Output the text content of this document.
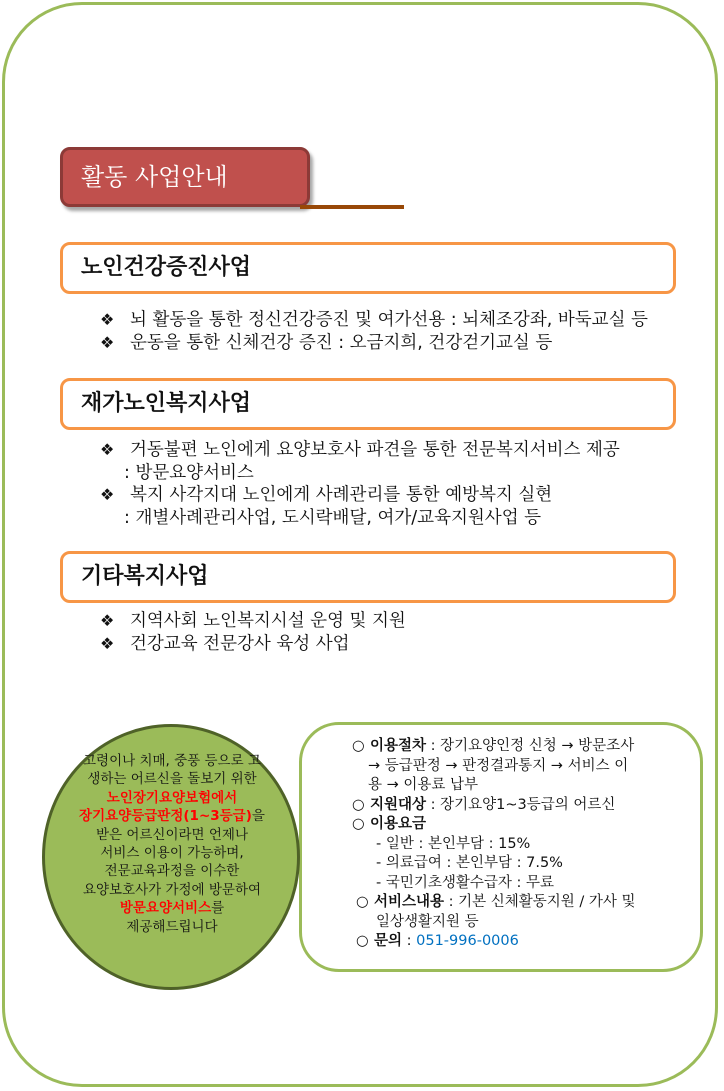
활동 사업안내
노인건강증진사업
❖ 뇌 활동을 통한 정신건강증진 및 여가선용 : 뇌체조강좌, 바둑교실 등
❖ 운동을 통한 신체건강 증진 : 오금지희, 건강걷기교실 등
재가노인복지사업
❖ 거동불편 노인에게 요양보호사 파견을 통한 전문복지서비스 제공
: 방문요양서비스
❖ 복지 사각지대 노인에게 사례관리를 통한 예방복지 실현
: 개별사례관리사업, 도시락배달, 여가/교육지원사업 등
기타복지사업
❖ 지역사회 노인복지시설 운영 및 지원
❖ 건강교육 전문강사 육성 사업
○ 이용절차 : 장기요양인정 신청 → 방문조사
→ 등급판정 → 판정결과통지 → 서비스 이
용 → 이용료 납부
○ 지원대상 : 장기요양1~3등급의 어르신
○ 이용요금
- 일반 : 본인부담 : 15%
- 의료급여 : 본인부담 : 7.5%
- 국민기초생활수급자 : 무료
○ 서비스내용 : 기본 신체활동지원 / 가사 및
일상생활지원 등
○ 문의 : 051-996-0006
고령이나 치매, 중풍 등으로 고
생하는 어르신을 돌보기 위한
노인장기요양보험에서
장기요양등급판정(1~3등급)을
받은 어르신이라면 언제나
서비스 이용이 가능하며,
전문교육과정을 이수한
요양보호사가 가정에 방문하여
방문요양서비스를
제공해드립니다
